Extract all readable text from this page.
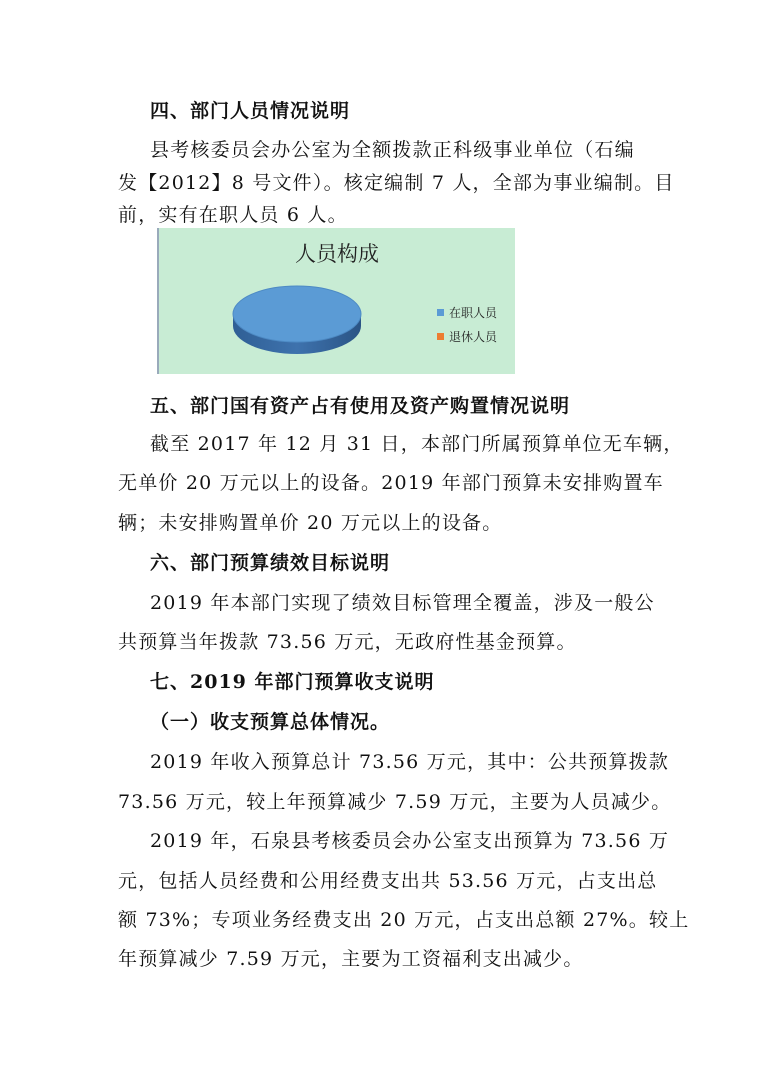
四、部门人员情况说明
县考核委员会办公室为全额拨款正科级事业单位（石编
发【2012】8 号文件）。核定编制 7 人，全部为事业编制。目
前，实有在职人员 6 人。
人员构成
在职人员
退休人员
五、部门国有资产占有使用及资产购置情况说明
截至 2017 年 12 月 31 日，本部门所属预算单位无车辆，
无单价 20 万元以上的设备。2019 年部门预算未安排购置车
辆；未安排购置单价 20 万元以上的设备。
六、部门预算绩效目标说明
2019 年本部门实现了绩效目标管理全覆盖，涉及一般公
共预算当年拨款 73.56 万元，无政府性基金预算。
七、2019 年部门预算收支说明
（一）收支预算总体情况。
2019 年收入预算总计 73.56 万元，其中：公共预算拨款
73.56 万元，较上年预算减少 7.59 万元，主要为人员减少。
2019 年，石泉县考核委员会办公室支出预算为 73.56 万
元，包括人员经费和公用经费支出共 53.56 万元，占支出总
额 73%；专项业务经费支出 20 万元，占支出总额 27%。较上
年预算减少 7.59 万元，主要为工资福利支出减少。
